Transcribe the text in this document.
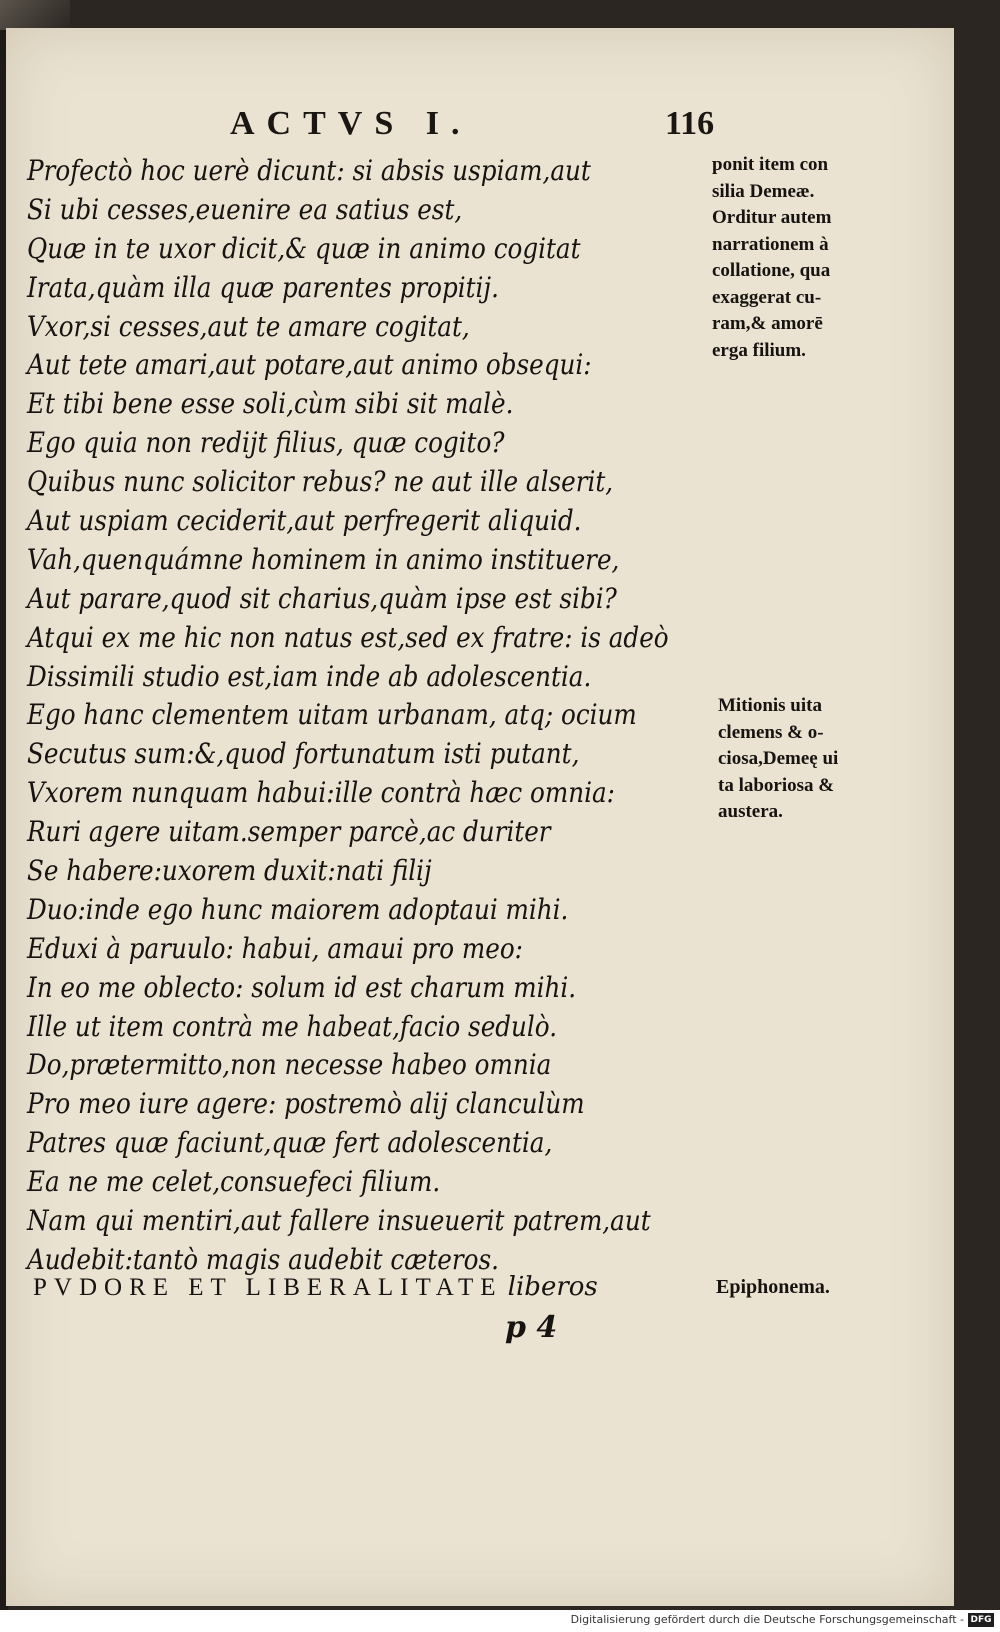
ACTVS I.	116
Profectò hoc uerè dicunt: si absis uspiam,aut
Si ubi cesses,euenire ea satius est,
Quæ in te uxor dicit,& quæ in animo cogitat
Irata,quàm illa quæ parentes propitij.
Vxor,si cesses,aut te amare cogitat,
Aut tete amari,aut potare,aut animo obsequi:
Et tibi bene esse soli,cùm sibi sit malè.
Ego quia non rediјt filius, quæ cogito?
Quibus nunc solicitor rebus? ne aut ille alserit,
Aut uspiam ceciderit,aut perfregerit aliquid.
Vah,quenquámne hominem in animo instituere,
Aut parare,quod sit charius,quàm ipse est sibi?
Atqui ex me hic non natus est,sed ex fratre: is adeò
Dissimili studio est,iam inde ab adolescentia.
Ego hanc clementem uitam urbanam, atq; ocium
Secutus sum:&,quod fortunatum isti putant,
Vxorem nunquam habui:ille contrà hæc omnia:
Ruri agere uitam.semper parcè,ac duriter
Se habere:uxorem duxit:nati filij
Duo:inde ego hunc maiorem adoptaui mihi.
Eduxi à paruulo: habui, amaui pro meo:
In eo me oblecto: solum id est charum mihi.
Ille ut item contrà me habeat,facio sedulò.
Do,prætermitto,non necesse habeo omnia
Pro meo iure agere: postremò alij clanculùm
Patres quæ faciunt,quæ fert adolescentia,
Ea ne me celet,consuefeci filium.
Nam qui mentiri,aut fallere insueuerit patrem,aut
Audebit:tantò magis audebit cæteros.
PVDORE ET LIBERALITATE liberos
p 4
ponit item con
silia Demeæ.
Orditur autem
narrationem à
collatione, qua
exaggerat cu-
ram,& amorē
erga filium.
Mitionis uita
clemens & o-
ciosa,Demeę ui
ta laboriosa &
austera.
Epiphonema.
Digitalisierung gefördert durch die Deutsche Forschungsgemeinschaft - DFG
